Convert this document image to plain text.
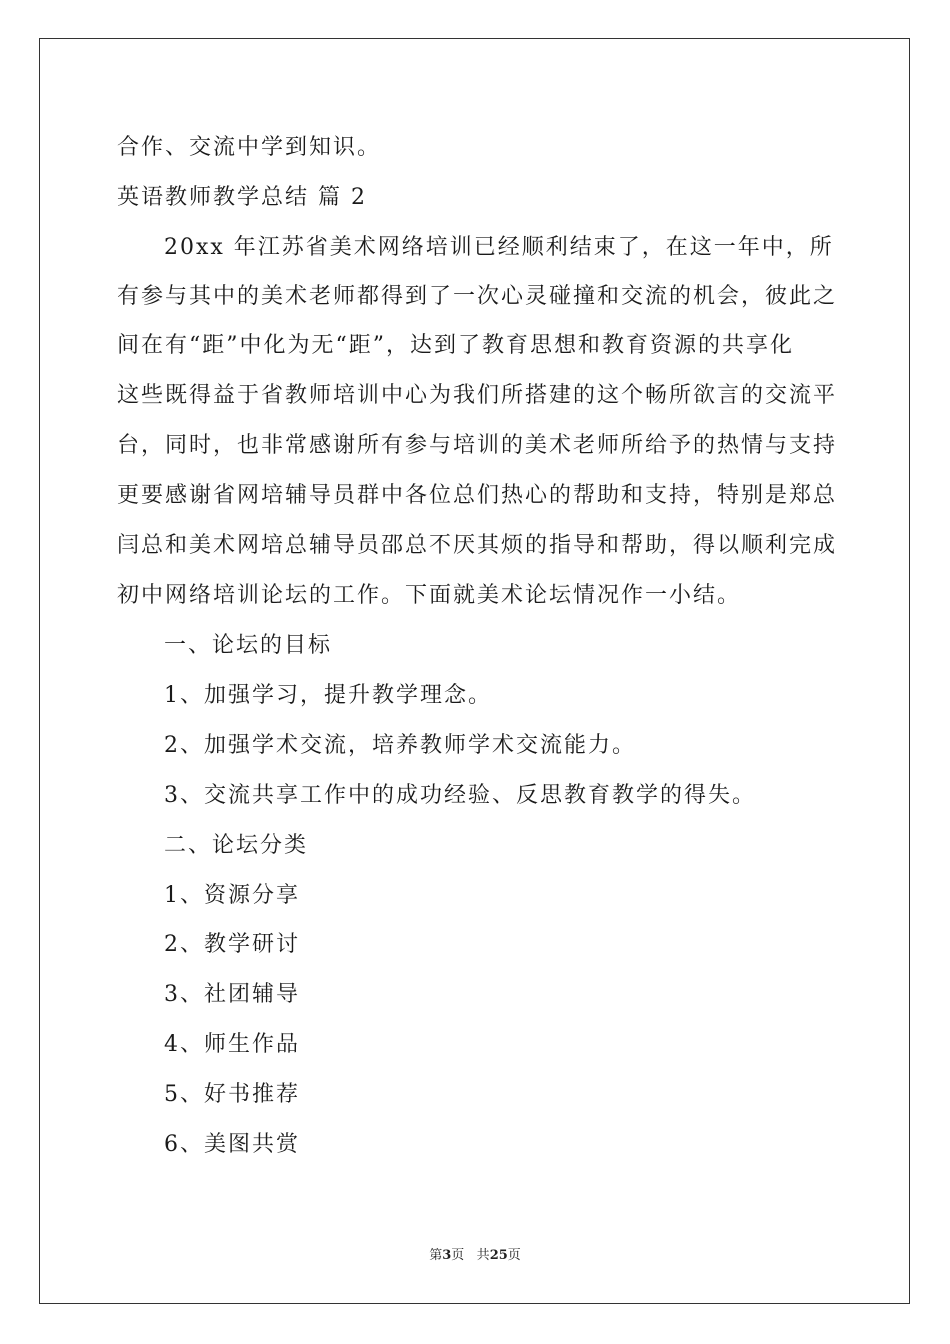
合作、交流中学到知识。
英语教师教学总结 篇 2
20xx 年江苏省美术网络培训已经顺利结束了，在这一年中，所
有参与其中的美术老师都得到了一次心灵碰撞和交流的机会，彼此之
间在有“距”中化为无“距”，达到了教育思想和教育资源的共享化
这些既得益于省教师培训中心为我们所搭建的这个畅所欲言的交流平
台，同时，也非常感谢所有参与培训的美术老师所给予的热情与支持
更要感谢省网培辅导员群中各位总们热心的帮助和支持，特别是郑总
闫总和美术网培总辅导员邵总不厌其烦的指导和帮助，得以顺利完成
初中网络培训论坛的工作。下面就美术论坛情况作一小结。
一、论坛的目标
1、加强学习，提升教学理念。
2、加强学术交流，培养教师学术交流能力。
3、交流共享工作中的成功经验、反思教育教学的得失。
二、论坛分类
1、资源分享
2、教学研讨
3、社团辅导
4、师生作品
5、好书推荐
6、美图共赏
第3页 共25页
